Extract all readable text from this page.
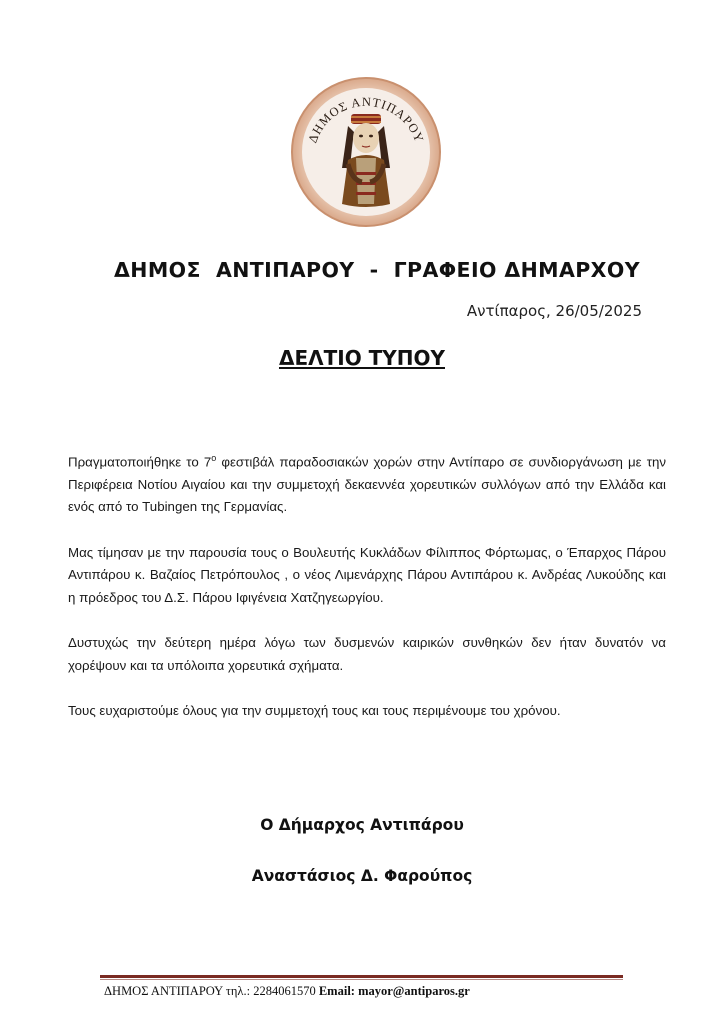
ΔΗΜΟΣ ΑΝΤΙΠΑΡΟΥ
ΔΗΜΟΣ  ΑΝΤΙΠΑΡΟΥ  -  ΓΡΑΦΕΙΟ ΔΗΜΑΡΧΟΥ
Αντίπαρος, 26/05/2025
ΔΕΛΤΙΟ ΤΥΠΟΥ

Πραγματοποιήθηκε το $7^o$ φεστιβάλ παραδοσιακών χορών στην Αντίπαρο σε συνδιοργάνωση με την Περιφέρεια Νοτίου Αιγαίου και την συμμετοχή δεκαεννέα χορευτικών συλλόγων από την Ελλάδα και ενός από το Tubingen της Γερμανίας.

Μας τίμησαν με την παρουσία τους ο Βουλευτής Κυκλάδων Φίλιππος Φόρτωμας, ο Έπαρχος Πάρου Αντιπάρου κ. Βαζαίος Πετρόπουλος , ο νέος Λιμενάρχης Πάρου Αντιπάρου κ. Ανδρέας Λυκούδης και η πρόεδρος του Δ.Σ. Πάρου Ιφιγένεια Χατζηγεωργίου.

Δυστυχώς την δεύτερη ημέρα λόγω των δυσμενών καιρικών συνθηκών δεν ήταν δυνατόν να χορέψουν και τα υπόλοιπα χορευτικά σχήματα.

Τους ευχαριστούμε όλους για την συμμετοχή τους και τους περιμένουμε του χρόνου.

Ο Δήμαρχος Αντιπάρου
Αναστάσιος Δ. Φαρούπος
ΔΗΜΟΣ ΑΝΤΙΠΑΡΟΥ τηλ.: 2284061570 Email: mayor@antiparos.gr
